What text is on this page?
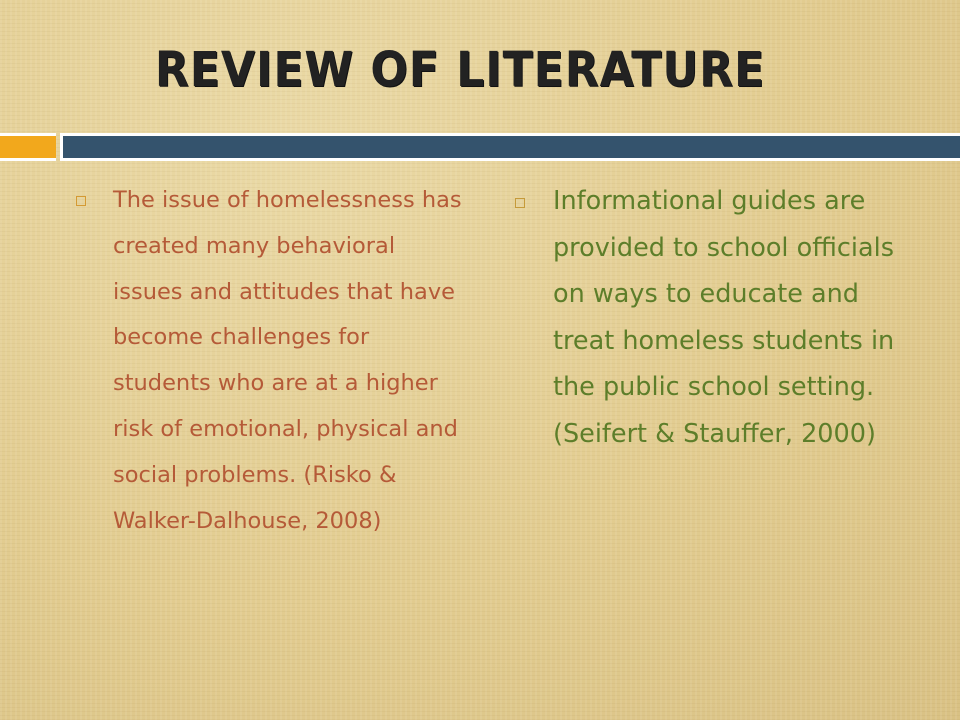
REVIEW OF LITERATURE
The issue of homelessness has created many behavioral issues and attitudes that have become challenges for students who are at a higher risk of emotional, physical and social problems. (Risko & Walker-Dalhouse, 2008)
Informational guides are provided to school officials on ways to educate and treat homeless students in the public school setting. (Seifert & Stauffer, 2000)
